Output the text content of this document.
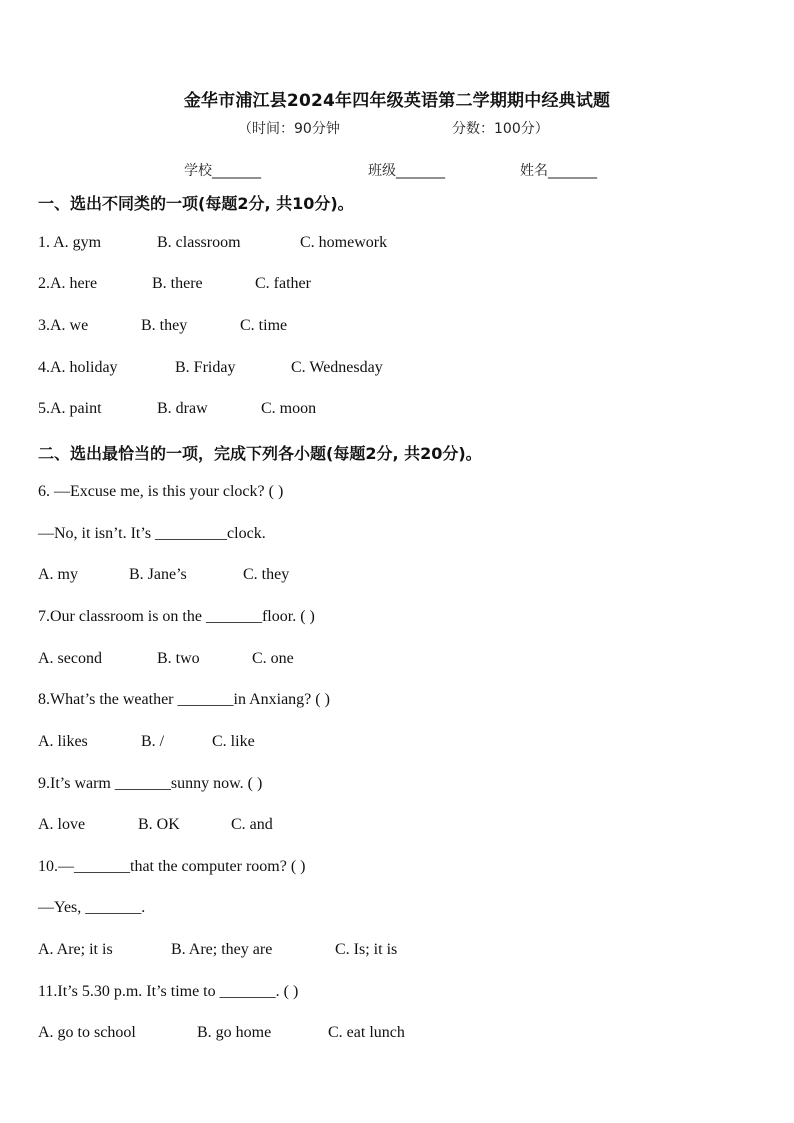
金华市浦江县2024年四年级英语第二学期期中经典试题
（时间：90分钟	分数：100分）
学校_______	班级_______	姓名_______
一、选出不同类的一项(每题2分, 共10分)。
1. A. gym	B. classroom	C. homework
2.A. here	B. there	C. father
3.A. we	B. they	C. time
4.A. holiday	B. Friday	C. Wednesday
5.A. paint	B. draw	C. moon
二、选出最恰当的一项，完成下列各小题(每题2分, 共20分)。
6. —Excuse me, is this your clock? ( )
—No, it isn’t. It’s _________clock.
A. my	B. Jane’s	C. they
7.Our classroom is on the _______floor. ( )
A. second	B. two	C. one
8.What’s the weather _______in Anxiang? ( )
A. likes	B. /	C. like
9.It’s warm _______sunny now. ( )
A. love	B. OK	C. and
10.—_______that the computer room? ( )
—Yes, _______.
A. Are; it is	B. Are; they are	C. Is; it is
11.It’s 5.30 p.m. It’s time to _______. ( )
A. go to school	B. go home	C. eat lunch
